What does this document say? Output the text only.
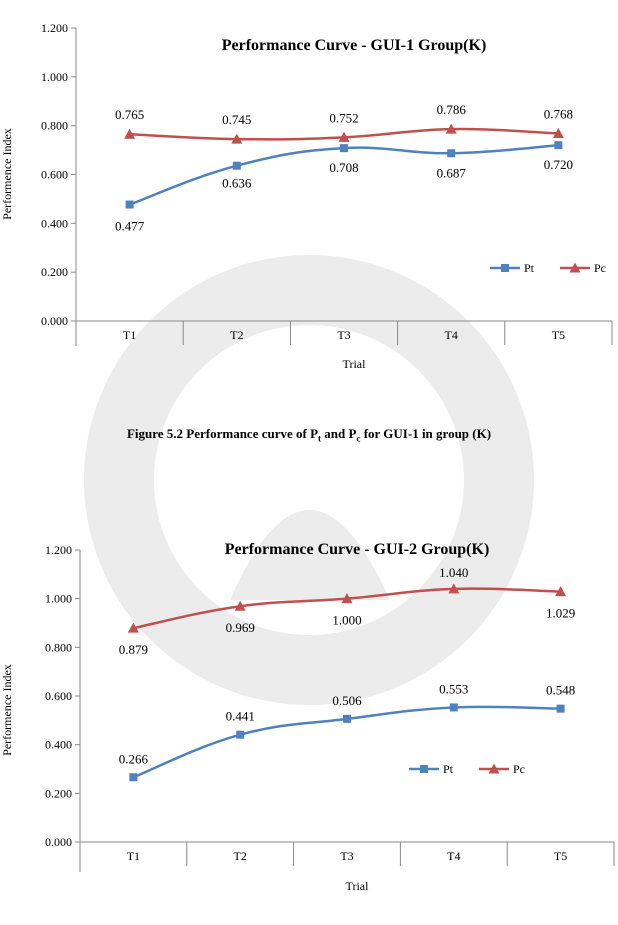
Performance Curve - GUI-1 Group(K)
0.000
0.200
0.400
0.600
0.800
1.000
1.200
T1	T2	T3	T4	T5
Trial
Performence Index
0.477
0.636
0.708	0.687
0.720
0.765	0.745	0.752
0.786	0.768
Pt	Pc
Figure 5.2 Performance curve of $P_t$ and $P_c$ for GUI-1 in group (K)
Performance Curve - GUI-2 Group(K)
0.000
0.200
0.400
0.600
0.800
1.000
1.200
T1	T2	T3	T4	T5
Trial
Performence Index
0.266
0.441
0.506
0.553	0.548
0.879
0.969
1.000
1.040
1.029
Pt	Pc
